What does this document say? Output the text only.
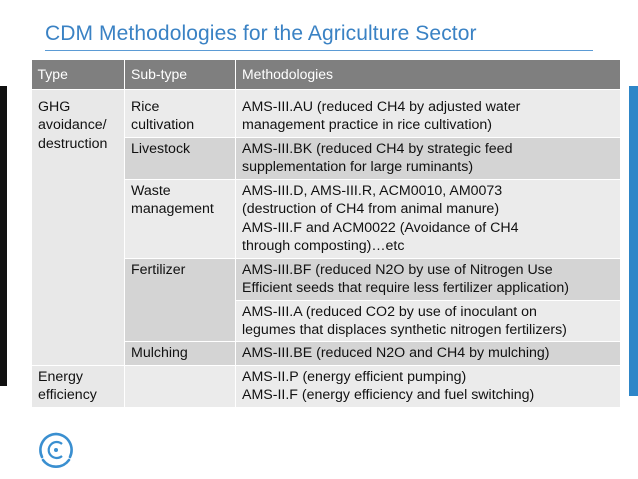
CDM Methodologies for the Agriculture Sector
Type	Sub-type	Methodologies

GHG
avoidance/
destruction	Rice
cultivation	AMS-III.AU (reduced CH4 by adjusted water
management practice in rice cultivation)

	Livestock	AMS-III.BK (reduced CH4 by strategic feed
supplementation for large ruminants)

	Waste
management	AMS-III.D, AMS-III.R, ACM0010, AM0073
(destruction of CH4 from animal manure)
AMS-III.F and ACM0022 (Avoidance of CH4
through composting)…etc

	Fertilizer	AMS-III.BF (reduced N2O by use of Nitrogen Use
Efficient seeds that require less fertilizer application)

		AMS-III.A (reduced CO2 by use of inoculant on
legumes that displaces synthetic nitrogen fertilizers)

	Mulching	AMS-III.BE (reduced N2O and CH4 by mulching)

Energy
efficiency		AMS-II.P (energy efficient pumping)
AMS-II.F (energy efficiency and fuel switching)
